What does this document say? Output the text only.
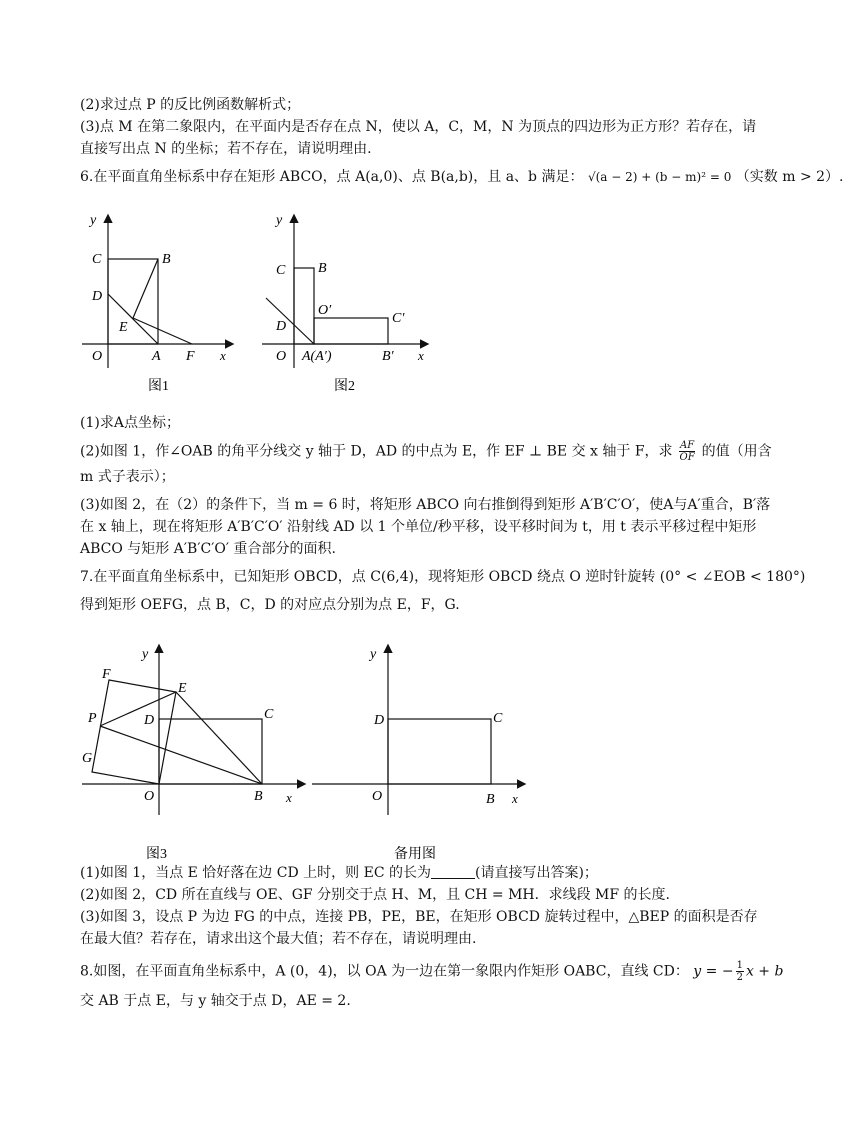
(2)求过点 P 的反比例函数解析式；
(3)点 M 在第二象限内，在平面内是否存在点 N，使以 A，C，M，N 为顶点的四边形为正方形？若存在，请
直接写出点 N 的坐标；若不存在，请说明理由.
6.在平面直角坐标系中存在矩形 ABCO，点 A(a,0)、点 B(a,b)，且 a、b 满足： √(a − 2) + (b − m)² = 0 （实数 m > 2）.
y
C	B
D
E
O	A F x
图1
y
C B
O′
C′
D
O A(A′)	B′ x
图2
(1)求A点坐标；
(2)如图 1，作∠OAB 的角平分线交 y 轴于 D，AD 的中点为 E，作 EF ⊥ BE 交 x 轴于 F，求 $\frac{AF}{OF}$ 的值（用含
m 式子表示）；
(3)如图 2，在（2）的条件下，当 m = 6 时，将矩形 ABCO 向右推倒得到矩形 A′B′C′O′，使A与A′重合，B′落
在 x 轴上，现在将矩形 A′B′C′O′ 沿射线 AD 以 1 个单位/秒平移，设平移时间为 t，用 t 表示平移过程中矩形
ABCO 与矩形 A′B′C′O′ 重合部分的面积.
7.在平面直角坐标系中，已知矩形 OBCD，点 C(6,4)，现将矩形 OBCD 绕点 O 逆时针旋转 (0° < ∠EOB < 180°)
得到矩形 OEFG，点 B，C，D 的对应点分别为点 E，F，G.
y
F
E
P	D	C
G
O	B x
图3
y
D	C
O	B x
备用图
(1)如图 1，当点 E 恰好落在边 CD 上时，则 EC 的长为	(请直接写出答案)；
(2)如图 2，CD 所在直线与 OE、GF 分别交于点 H、M，且 CH = MH．求线段 MF 的长度.
(3)如图 3，设点 P 为边 FG 的中点，连接 PB，PE，BE，在矩形 OBCD 旋转过程中，△BEP 的面积是否存
在最大值？若存在，请求出这个最大值；若不存在，请说明理由.
8.如图，在平面直角坐标系中，A (0，4)，以 OA 为一边在第一象限内作矩形 OABC，直线 CD： y = − $\frac{1}{2}$ x + b
交 AB 于点 E，与 y 轴交于点 D，AE = 2.
